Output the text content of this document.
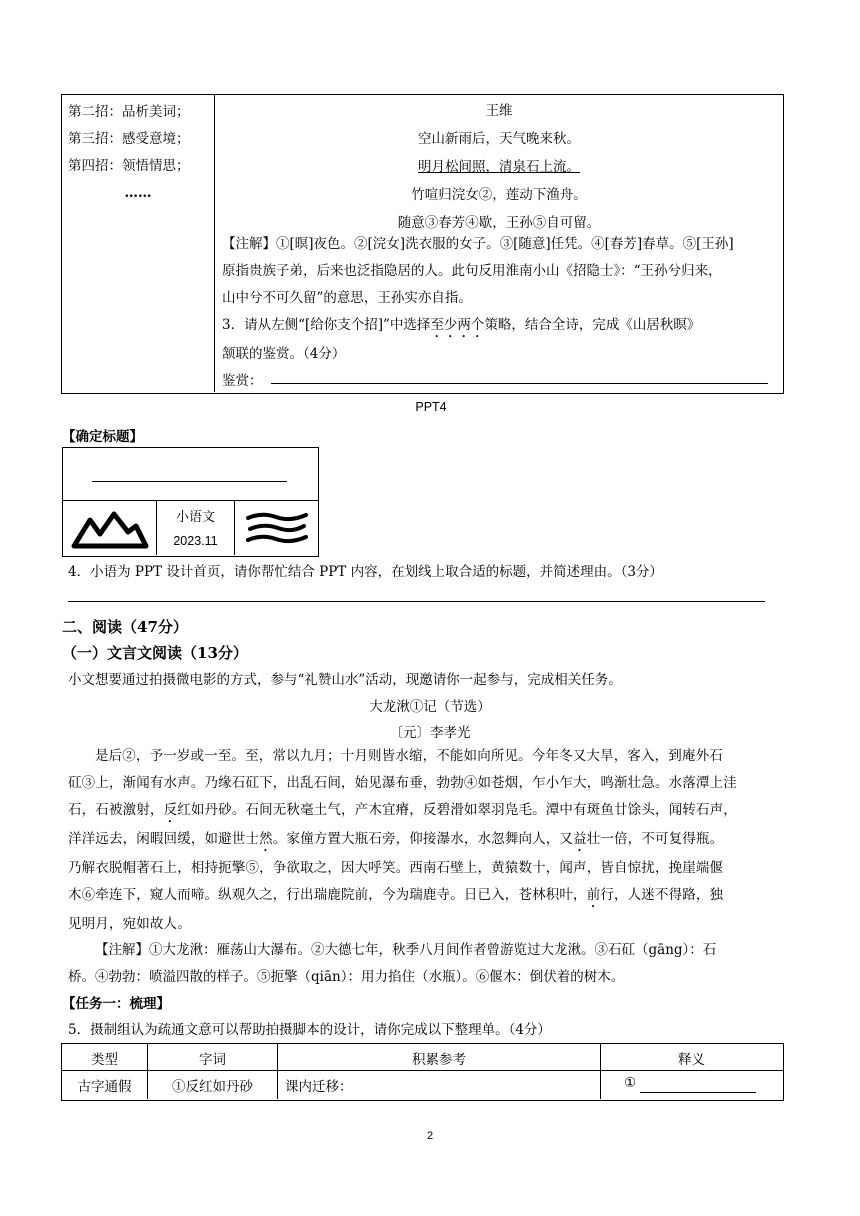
第二招：品析美词；
第三招：感受意境；
第四招：领悟情思；
……
王维
空山新雨后，天气晚来秋。
明月松间照，清泉石上流。
竹喧归浣女②，莲动下渔舟。
随意③春芳④歇，王孙⑤自可留。
【注解】①[暝]夜色。②[浣女]洗衣服的女子。③[随意]任凭。④[春芳]春草。⑤[王孙]
原指贵族子弟，后来也泛指隐居的人。此句反用淮南小山《招隐士》：“王孙兮归来，
山中兮不可久留”的意思，王孙实亦自指。
3．请从左侧“[给你支个招]”中选择至少两个策略，结合全诗，完成《山居秋暝》
颔联的鉴赏。（4分）
鉴赏：
PPT4
【确定标题】
小语文
2023.11
4．小语为 PPT 设计首页，请你帮忙结合 PPT 内容，在划线上取合适的标题，并简述理由。（3分）
二、阅读（47分）
（一）文言文阅读（13分）
小文想要通过拍摄微电影的方式，参与“礼赞山水”活动，现邀请你一起参与，完成相关任务。
大龙湫①记（节选）
〔元〕李孝光
是后②，予一岁或一至。至，常以九月；十月则皆水缩，不能如向所见。今年冬又大旱，客入，到庵外石
矼③上，渐闻有水声。乃缘石矼下，出乱石间，始见瀑布垂，勃勃④如苍烟，乍小乍大，鸣渐壮急。水落潭上洼
石，石被激射，反红如丹砂。石间无秋毫土气，产木宜瘠，反碧滑如翠羽凫毛。潭中有斑鱼廿馀头，闻转石声，
洋洋远去，闲暇回缓，如避世士然。家僮方置大瓶石旁，仰接瀑水，水忽舞向人，又益壮一倍，不可复得瓶。
乃解衣脱帽著石上，相持扼擎⑤，争欲取之，因大呼笑。西南石壁上，黄猿数十，闻声，皆自惊扰，挽崖端偃
木⑥牵连下，窥人而啼。纵观久之，行出瑞鹿院前，今为瑞鹿寺。日已入，苍林积叶，前行，人迷不得路，独
见明月，宛如故人。
【注解】①大龙湫：雁荡山大瀑布。②大德七年，秋季八月间作者曾游览过大龙湫。③石矼（gāng）：石
桥。④勃勃：喷溢四散的样子。⑤扼擎（qiān）：用力掐住（水瓶）。⑥偃木：倒伏着的树木。
【任务一：梳理】
5．摄制组认为疏通文意可以帮助拍摄脚本的设计，请你完成以下整理单。（4分）
类型	字词	积累参考	释义
古字通假	①反红如丹砂	课内迁移：	①
2
